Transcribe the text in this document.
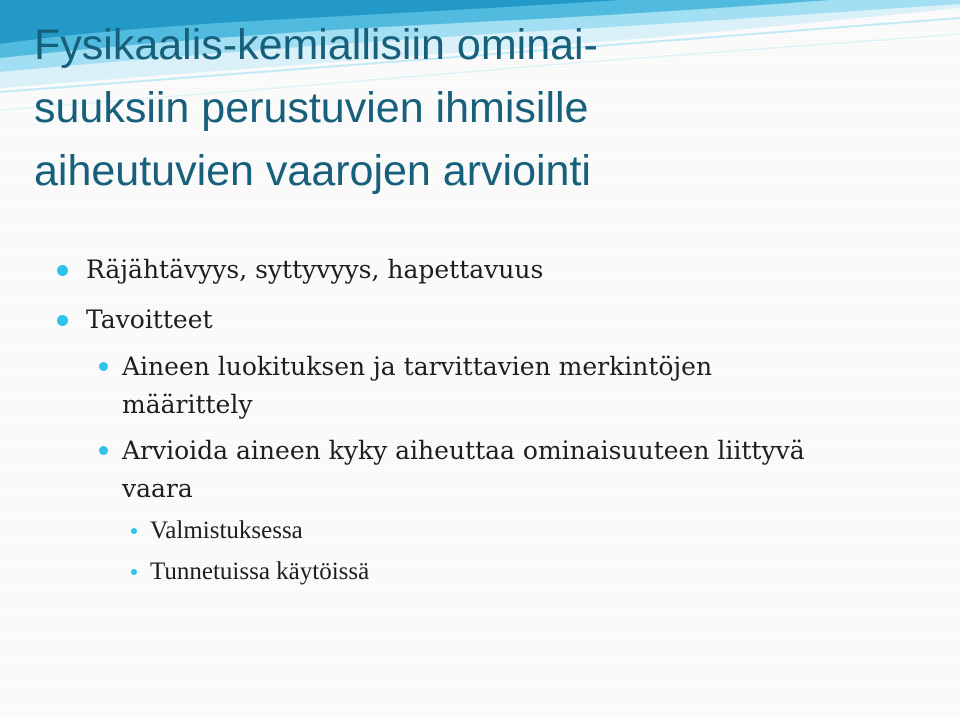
Fysikaalis-kemiallisiin ominai-
suuksiin perustuvien ihmisille
aiheutuvien vaarojen arviointi
Räjähtävyys, syttyvyys, hapettavuus
Tavoitteet
Aineen luokituksen ja tarvittavien merkintöjen
määrittely
Arvioida aineen kyky aiheuttaa ominaisuuteen liittyvä
vaara
Valmistuksessa
Tunnetuissa käytöissä
